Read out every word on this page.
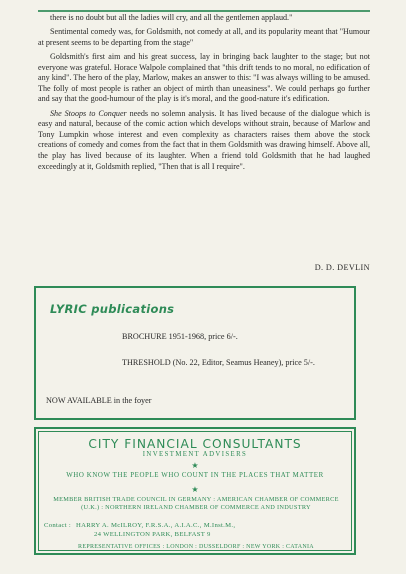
there is no doubt but all the ladies will cry, and all the gentlemen applaud."

Sentimental comedy was, for Goldsmith, not comedy at all, and its popularity meant that "Humour at present seems to be departing from the stage"

Goldsmith's first aim and his great success, lay in bringing back laughter to the stage; but not everyone was grateful. Horace Walpole complained that "this drift tends to no moral, no edification of any kind". The hero of the play, Marlow, makes an answer to this: "I was always willing to be amused. The folly of most people is rather an object of mirth than uneasiness". We could perhaps go further and say that the good-humour of the play is it's moral, and the good-nature it's edification.

She Stoops to Conquer needs no solemn analysis. It has lived because of the dialogue which is easy and natural, because of the comic action which develops without strain, because of Marlow and Tony Lumpkin whose interest and even complexity as characters raises them above the stock creations of comedy and comes from the fact that in them Goldsmith was drawing himself. Above all, the play has lived because of its laughter. When a friend told Goldsmith that he had laughed exceedingly at it, Goldsmith replied, "Then that is all I require".

D. D. DEVLIN
LYRIC publications
BROCHURE 1951-1968, price 6/-.
THRESHOLD (No. 22, Editor, Seamus Heaney), price 5/-.
NOW AVAILABLE in the foyer
CITY FINANCIAL CONSULTANTS
INVESTMENT ADVISERS
★
WHO KNOW THE PEOPLE WHO COUNT IN THE PLACES THAT MATTER
★
MEMBER BRITISH TRADE COUNCIL IN GERMANY : AMERICAN CHAMBER OF COMMERCE (U.K.) : NORTHERN IRELAND CHAMBER OF COMMERCE AND INDUSTRY
Contact : HARRY A. McILROY, F.R.S.A., A.I.A.C., M.Inst.M.,
24 WELLINGTON PARK, BELFAST 9
REPRESENTATIVE OFFICES : LONDON : DUSSELDORF : NEW YORK : CATANIA
